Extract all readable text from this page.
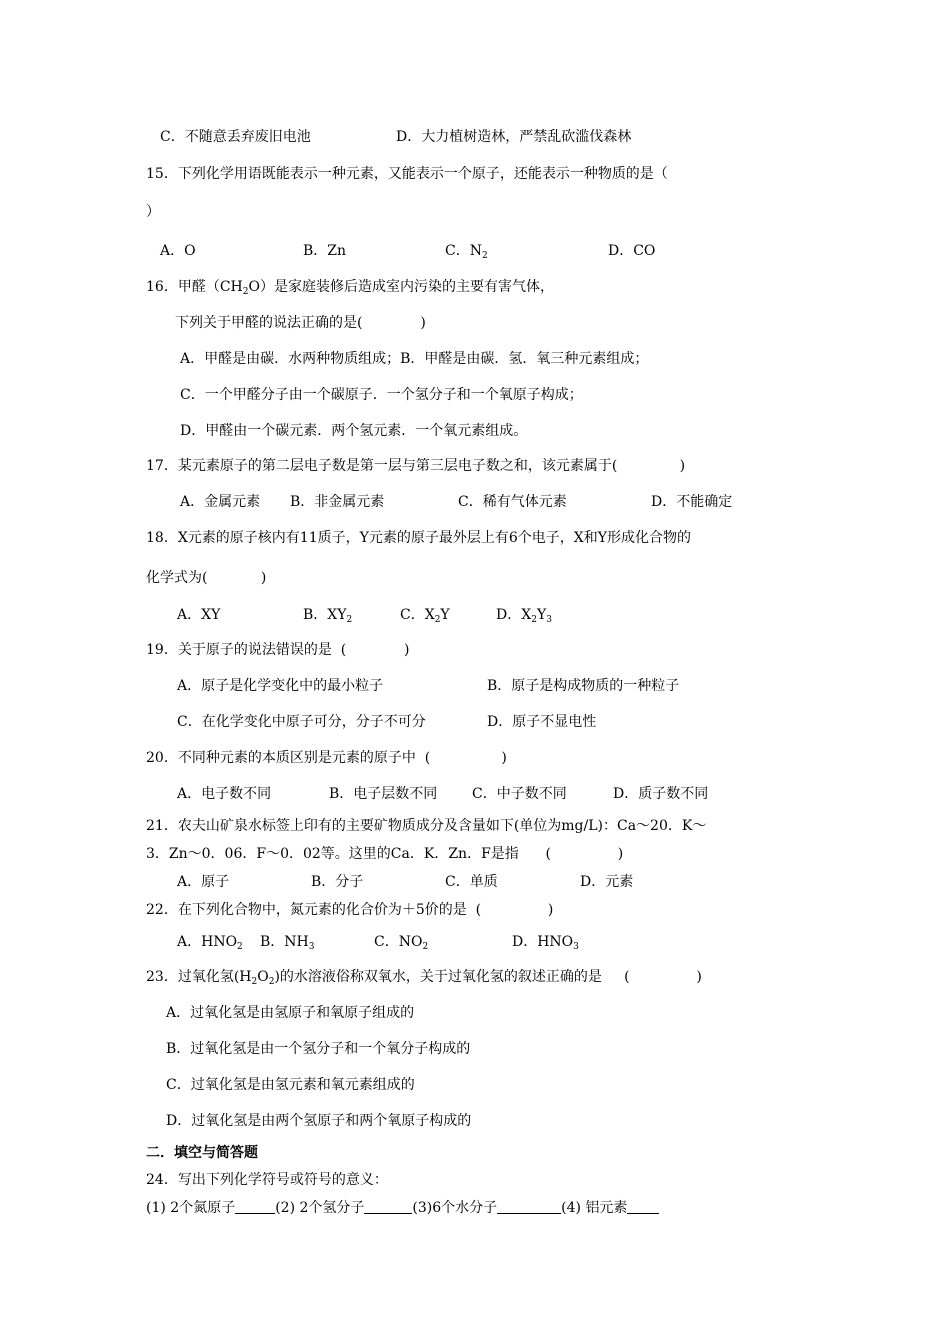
C．不随意丢弃废旧电池	D．大力植树造林，严禁乱砍滥伐森林
15．下列化学用语既能表示一种元素，又能表示一个原子，还能表示一种物质的是（
）
A．O	B．Zn	C．$N_2$	D．CO
16．甲醛$(CH_2O)$是家庭装修后造成室内污染的主要有害气体，
下列关于甲醛的说法正确的是(             )
A．甲醛是由碳．水两种物质组成；B．甲醛是由碳．氢．氧三种元素组成；
C．一个甲醛分子由一个碳原子．一个氢分子和一个氧原子构成；
D．甲醛由一个碳元素．两个氢元素．一个氧元素组成。
17．某元素原子的第二层电子数是第一层与第三层电子数之和，该元素属于(              )
A．金属元素 B．非金属元素	C．稀有气体元素	D．不能确定
18．X元素的原子核内有11质子，Y元素的原子最外层上有6个电子，X和Y形成化合物的
化学式为(            )
A．XY	B．$XY_2$	C．$X_2Y$	D．$X_2Y_3$
19．关于原子的说法错误的是  (             )
A．原子是化学变化中的最小粒子	B．原子是构成物质的一种粒子
C．在化学变化中原子可分，分子不可分	D．原子不显电性
20．不同种元素的本质区别是元素的原子中  (                )
A．电子数不同	B．电子层数不同 C．中子数不同	D．质子数不同
21．农夫山矿泉水标签上印有的主要矿物质成分及含量如下(单位为mg/L)：Ca～20．K～
3．Zn～0．06．F～0．02等。这里的Ca．K．Zn．F是指      (               )
A．原子	B．分子	C．单质	D．元素
22．在下列化合物中，氮元素的化合价为＋5价的是  (               )
A．$HNO_2$ B．$NH_3$	C．$NO_2$	D．$HNO_3$
23．过氧化氢$(H_2O_2)$的水溶液俗称双氧水，关于过氧化氢的叙述正确的是     (               )
A．过氧化氢是由氢原子和氧原子组成的
B．过氧化氢是由一个氢分子和一个氧分子构成的
C．过氧化氢是由氢元素和氧元素组成的
D．过氧化氢是由两个氢原子和两个氧原子构成的
二．填空与简答题
24．写出下列化学符号或符号的意义：
(1) 2个氮原子	(2) 2个氢分子	(3)6个水分子	(4) 铝元素
